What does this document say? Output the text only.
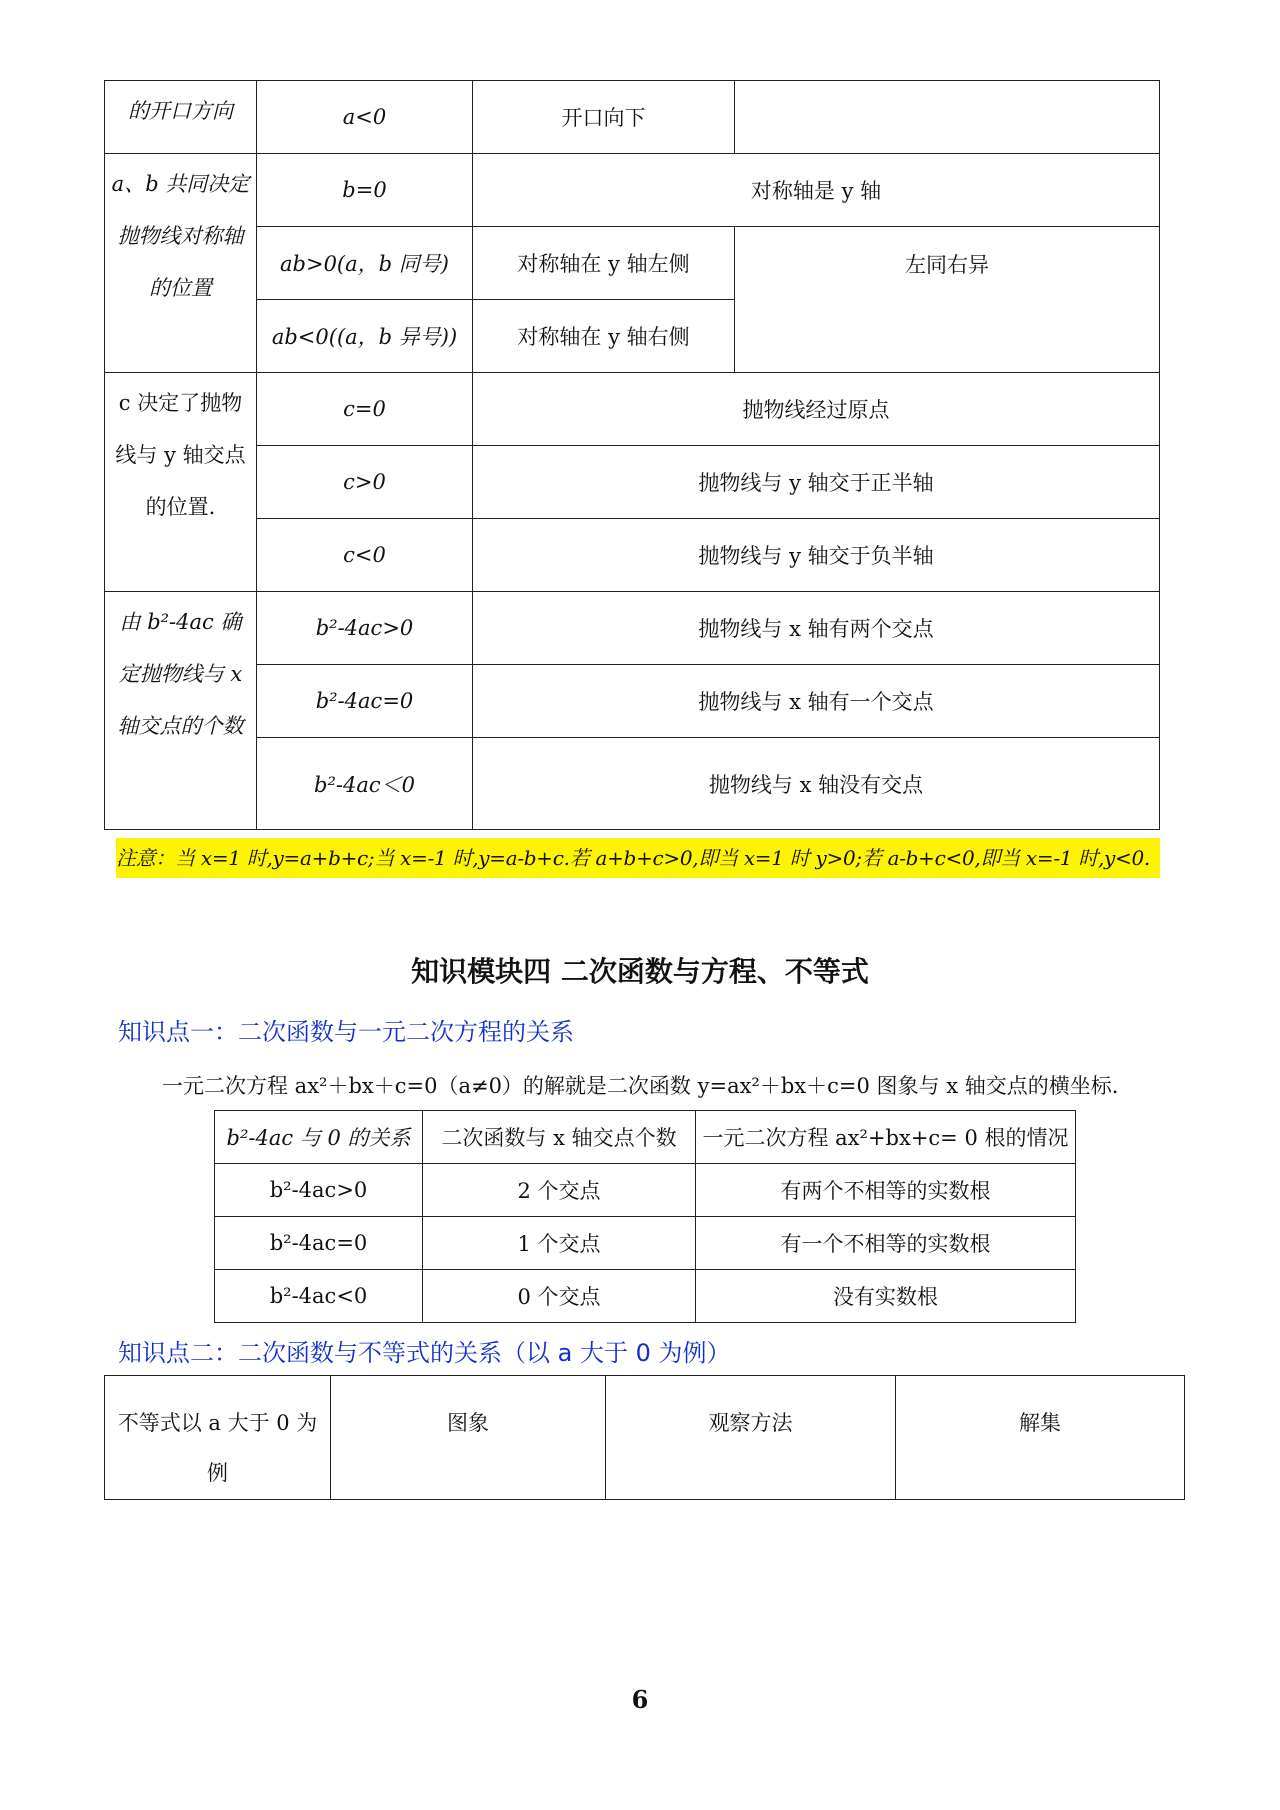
的开口方向	a<0	开口向下	
a、b 共同决定抛物线对称轴的位置	b=0	对称轴是 y 轴	
	ab>0(a，b 同号)	对称轴在 y 轴左侧	左同右异
	ab<0((a，b 异号))	对称轴在 y 轴右侧	
c 决定了抛物线与 y 轴交点的位置.	c=0	抛物线经过原点	
	c>0	抛物线与 y 轴交于正半轴	
	c<0	抛物线与 y 轴交于负半轴	
由 b²-4ac 确定抛物线与 x 轴交点的个数	b²-4ac>0	抛物线与 x 轴有两个交点	
	b²-4ac=0	抛物线与 x 轴有一个交点	
	b²-4ac＜0	抛物线与 x 轴没有交点	
注意：当 x=1 时,y=a+b+c;当 x=-1 时,y=a-b+c.若 a+b+c>0,即当 x=1 时 y>0;若 a-b+c<0,即当 x=-1 时,y<0.
知识模块四 二次函数与方程、不等式
知识点一：二次函数与一元二次方程的关系
一元二次方程 ax²＋bx＋c=0（a≠0）的解就是二次函数 y=ax²＋bx＋c=0 图象与 x 轴交点的横坐标.
b²-4ac 与 0 的关系	二次函数与 x 轴交点个数	一元二次方程 ax²+bx+c= 0 根的情况
b²-4ac>0	2 个交点	有两个不相等的实数根
b²-4ac=0	1 个交点	有一个不相等的实数根
b²-4ac<0	0 个交点	没有实数根
知识点二：二次函数与不等式的关系（以 a 大于 0 为例）
不等式以 a 大于 0 为例	图象	观察方法	解集
6
